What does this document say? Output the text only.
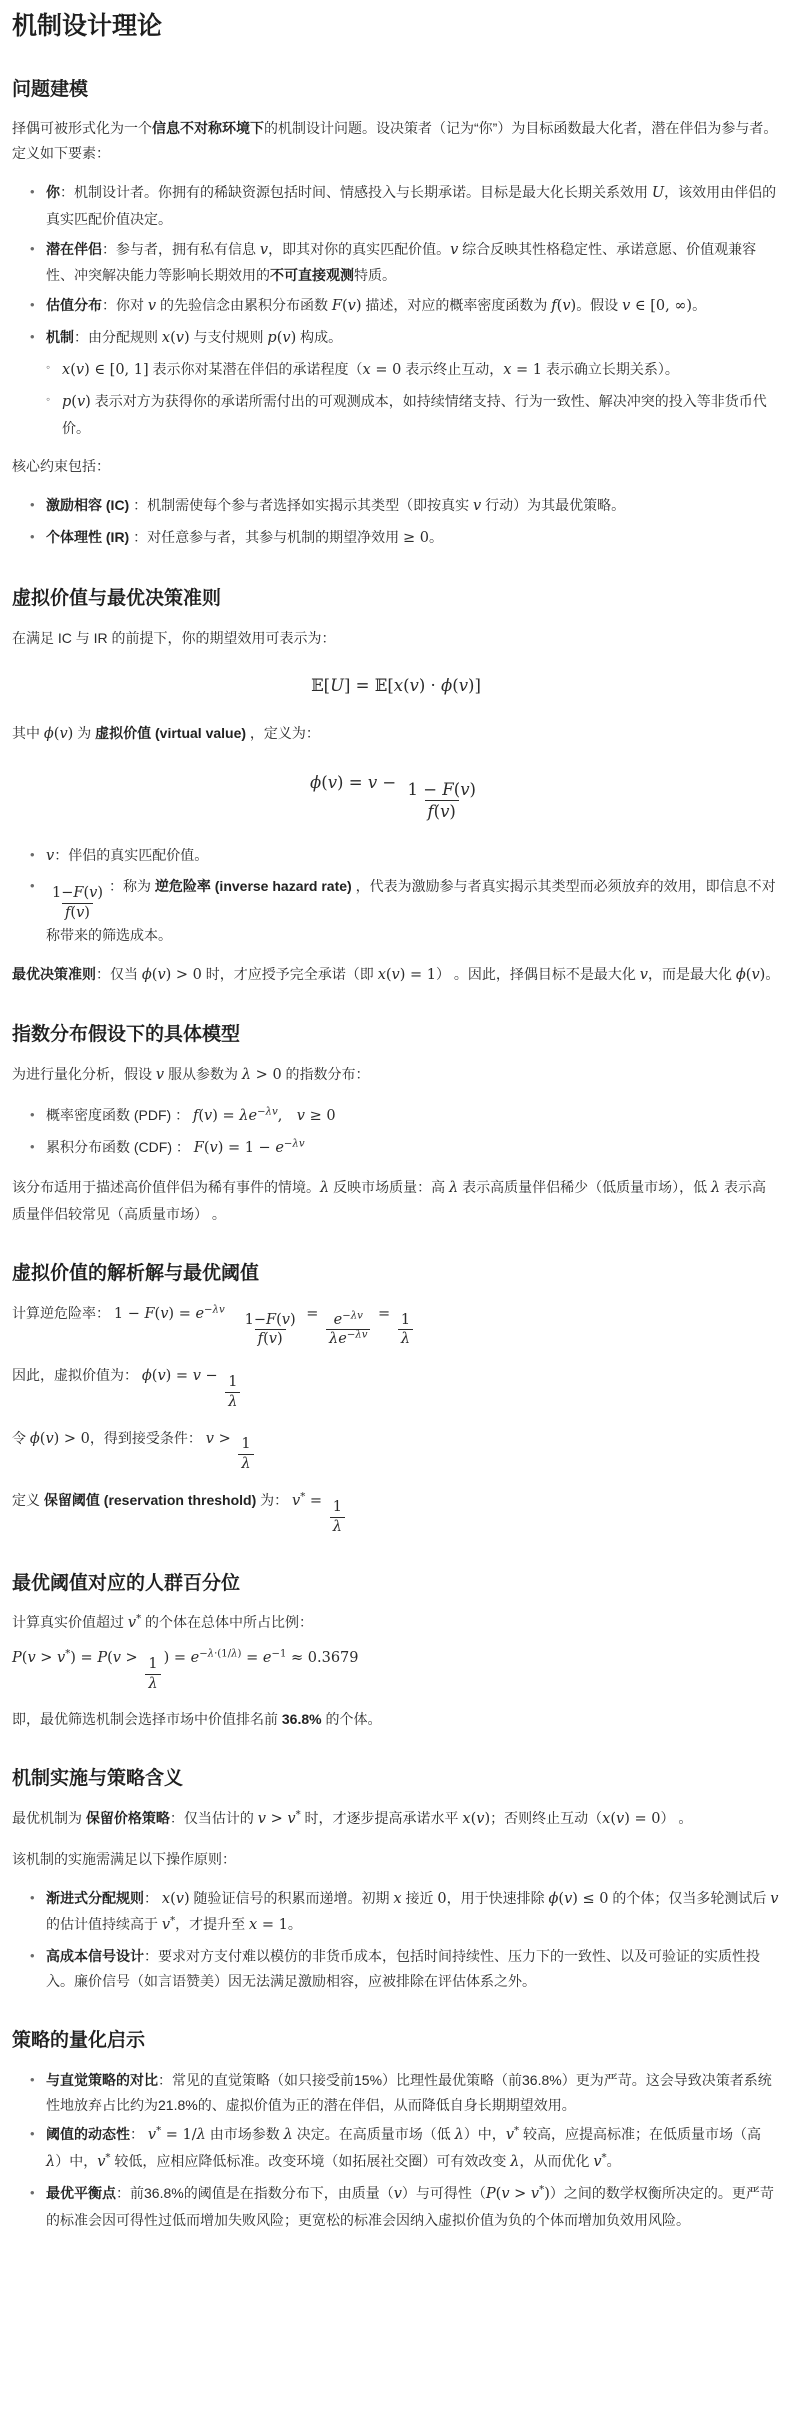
机制设计理论
问题建模

择偶可被形式化为一个信息不对称环境下的机制设计问题。设决策者（记为“你”）为目标函数最大化者，潜在伴侣为参与者。定义如下要素：

• 你：机制设计者。你拥有的稀缺资源包括时间、情感投入与长期承诺。目标是最大化长期关系效用 U，该效用由伴侣的真实匹配价值决定。
• 潜在伴侣：参与者，拥有私有信息 v，即其对你的真实匹配价值。v 综合反映其性格稳定性、承诺意愿、价值观兼容性、冲突解决能力等影响长期效用的不可直接观测特质。
• 估值分布：你对 v 的先验信念由累积分布函数 F(v) 描述，对应的概率密度函数为 f(v)。假设 v ∈ [0, ∞)。
• 机制：由分配规则 x(v) 与支付规则 p(v) 构成。
◦ x(v) ∈ [0, 1] 表示你对某潜在伴侣的承诺程度（x = 0 表示终止互动，x = 1 表示确立长期关系）。
◦ p(v) 表示对方为获得你的承诺所需付出的可观测成本，如持续情绪支持、行为一致性、解决冲突的投入等非货币代价。

核心约束包括：

• 激励相容 (IC) ：机制需使每个参与者选择如实揭示其类型（即按真实 v 行动）为其最优策略。
• 个体理性 (IR) ：对任意参与者，其参与机制的期望净效用 ≥ 0。
虚拟价值与最优决策准则

在满足 IC 与 IR 的前提下，你的期望效用可表示为：

𝔼[U] = 𝔼[x(v) · ϕ(v)]

其中 ϕ(v) 为 虚拟价值 (virtual value) ，定义为：

$\phi(v) = v - \frac{1 - F(v)}{f(v)}$
• v：伴侣的真实匹配价值。
• $\frac{1-F(v)}{f(v)}$ ：称为 逆危险率 (inverse hazard rate) ，代表为激励参与者真实揭示其类型而必须放弃的效用，即信息不对称带来的筛选成本。

最优决策准则：仅当 ϕ(v) > 0 时，才应授予完全承诺（即 x(v) = 1） 。因此，择偶目标不是最大化 v，而是最大化 ϕ(v)。

指数分布假设下的具体模型

为进行量化分析，假设 v 服从参数为 λ > 0 的指数分布：

• 概率密度函数 (PDF) ： $f(v) = \lambda e^{-\lambda v}$,　v ≥ 0
• 累积分布函数 (CDF) ： $F(v) = 1 - e^{-\lambda v}$

该分布适用于描述高价值伴侣为稀有事件的情境。λ 反映市场质量：高 λ 表示高质量伴侣稀少（低质量市场），低 λ 表示高质量伴侣较常见（高质量市场） 。

虚拟价值的解析解与最优阈值

计算逆危险率： $1 - F(v) = e^{-\lambda v}$　
$\frac{1-F(v)}{f(v)} = \frac{e^{-\lambda v}}{\lambda e^{-\lambda v}} = \frac{1}{\lambda}$

因此，虚拟价值为： $\phi(v) = v - \frac{1}{\lambda}$

令 ϕ(v) > 0，得到接受条件： $v > \frac{1}{\lambda}$

定义 保留阈值 (reservation threshold) 为： $v^* = \frac{1}{\lambda}$

最优阈值对应的人群百分位

计算真实价值超过 v* 的个体在总体中所占比例：

$P(v > v^*) = P(v > \frac{1}{\lambda}$ ) = $e^{-\lambda\cdot(1/\lambda)} = e^{-1} \approx 0.3679$

即，最优筛选机制会选择市场中价值排名前 36.8% 的个体。

机制实施与策略含义

最优机制为 保留价格策略：仅当估计的 v > v* 时，才逐步提高承诺水平 x(v)；否则终止互动（x(v) = 0） 。

该机制的实施需满足以下操作原则：

• 渐进式分配规则： x(v) 随验证信号的积累而递增。初期 x 接近 0，用于快速排除 ϕ(v) ≤ 0 的个体；仅当多轮测试后 v 的估计值持续高于 v*，才提升至 x = 1。
• 高成本信号设计：要求对方支付难以模仿的非货币成本，包括时间持续性、压力下的一致性、以及可验证的实质性投入。廉价信号（如言语赞美）因无法满足激励相容，应被排除在评估体系之外。
策略的量化启示
• 与直觉策略的对比：常见的直觉策略（如只接受前15%）比理性最优策略（前36.8%）更为严苛。这会导致决策者系统性地放弃占比约为21.8%的、虚拟价值为正的潜在伴侣，从而降低自身长期期望效用。
• 阈值的动态性： v* = 1/λ 由市场参数 λ 决定。在高质量市场（低 λ）中，v* 较高，应提高标准；在低质量市场（高 λ）中，v* 较低，应相应降低标准。改变环境（如拓展社交圈）可有效改变 λ，从而优化 v*。
• 最优平衡点：前36.8%的阈值是在指数分布下，由质量（v）与可得性（P(v > v*)）之间的数学权衡所决定的。更严苛的标准会因可得性过低而增加失败风险；更宽松的标准会因纳入虚拟价值为负的个体而增加负效用风险。
